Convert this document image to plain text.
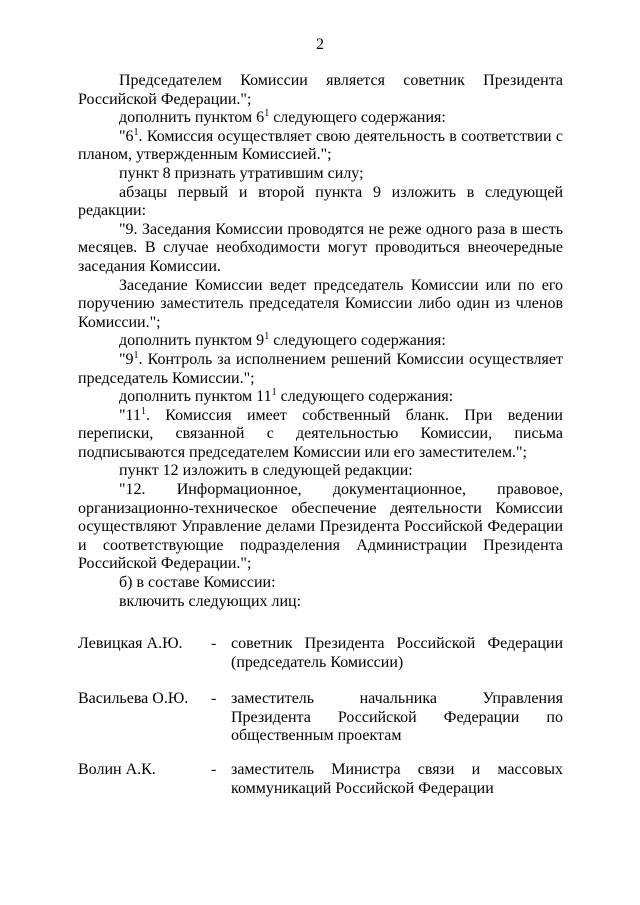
2

Председателем Комиссии является советник Президента Российской Федерации.";

дополнить пунктом $6^1$ следующего содержания:

"$6^1$. Комиссия осуществляет свою деятельность в соответствии с планом, утвержденным Комиссией.";

пункт 8 признать утратившим силу;

абзацы первый и второй пункта 9 изложить в следующей редакции:

"9. Заседания Комиссии проводятся не реже одного раза в шесть месяцев. В случае необходимости могут проводиться внеочередные заседания Комиссии.

Заседание Комиссии ведет председатель Комиссии или по его поручению заместитель председателя Комиссии либо один из членов Комиссии.";

дополнить пунктом $9^1$ следующего содержания:

"$9^1$. Контроль за исполнением решений Комиссии осуществляет председатель Комиссии.";

дополнить пунктом $11^1$ следующего содержания:

"$11^1$. Комиссия имеет собственный бланк. При ведении переписки, связанной с деятельностью Комиссии, письма подписываются председателем Комиссии или его заместителем.";

пункт 12 изложить в следующей редакции:

"12. Информационное, документационное, правовое, организационно-техническое обеспечение деятельности Комиссии осуществляют Управление делами Президента Российской Федерации и соответствующие подразделения Администрации Президента Российской Федерации.";

б) в составе Комиссии:

включить следующих лиц:

Левицкая А.Ю.	- советник Президента Российской Федерации (председатель Комиссии)
Васильева О.Ю.	- заместитель начальника Управления Президента Российской Федерации по общественным проектам
Волин А.К.	- заместитель Министра связи и массовых коммуникаций Российской Федерации
